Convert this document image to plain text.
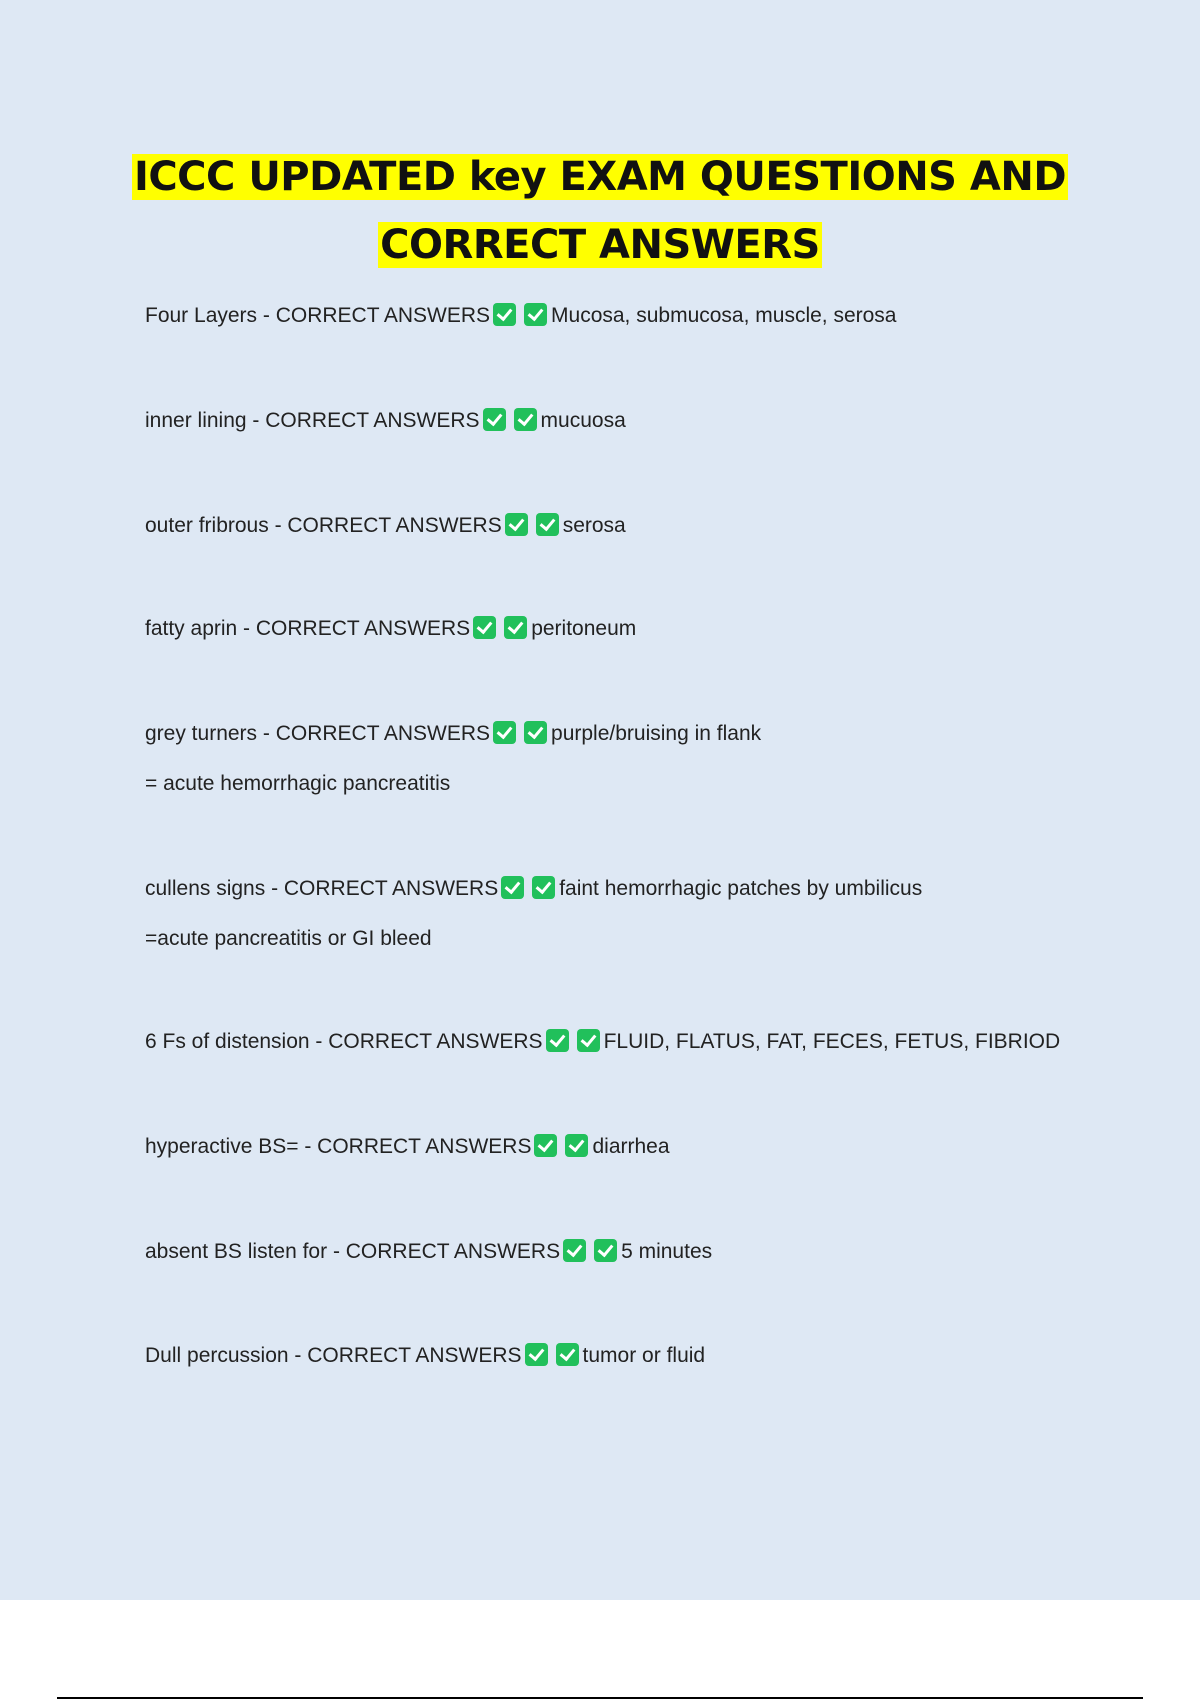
ICCC UPDATED key EXAM QUESTIONS AND
CORRECT ANSWERS
Four Layers - CORRECT ANSWERS	Mucosa, submucosa, muscle, serosa
inner lining - CORRECT ANSWERS	mucuosa
outer fribrous - CORRECT ANSWERS	serosa
fatty aprin - CORRECT ANSWERS	peritoneum
grey turners - CORRECT ANSWERS	purple/bruising in flank
= acute hemorrhagic pancreatitis
cullens signs - CORRECT ANSWERS	faint hemorrhagic patches by umbilicus
=acute pancreatitis or GI bleed
6 Fs of distension - CORRECT ANSWERS	FLUID, FLATUS, FAT, FECES, FETUS, FIBRIOD
hyperactive BS= - CORRECT ANSWERS	diarrhea
absent BS listen for - CORRECT ANSWERS	5 minutes
Dull percussion - CORRECT ANSWERS	tumor or fluid
